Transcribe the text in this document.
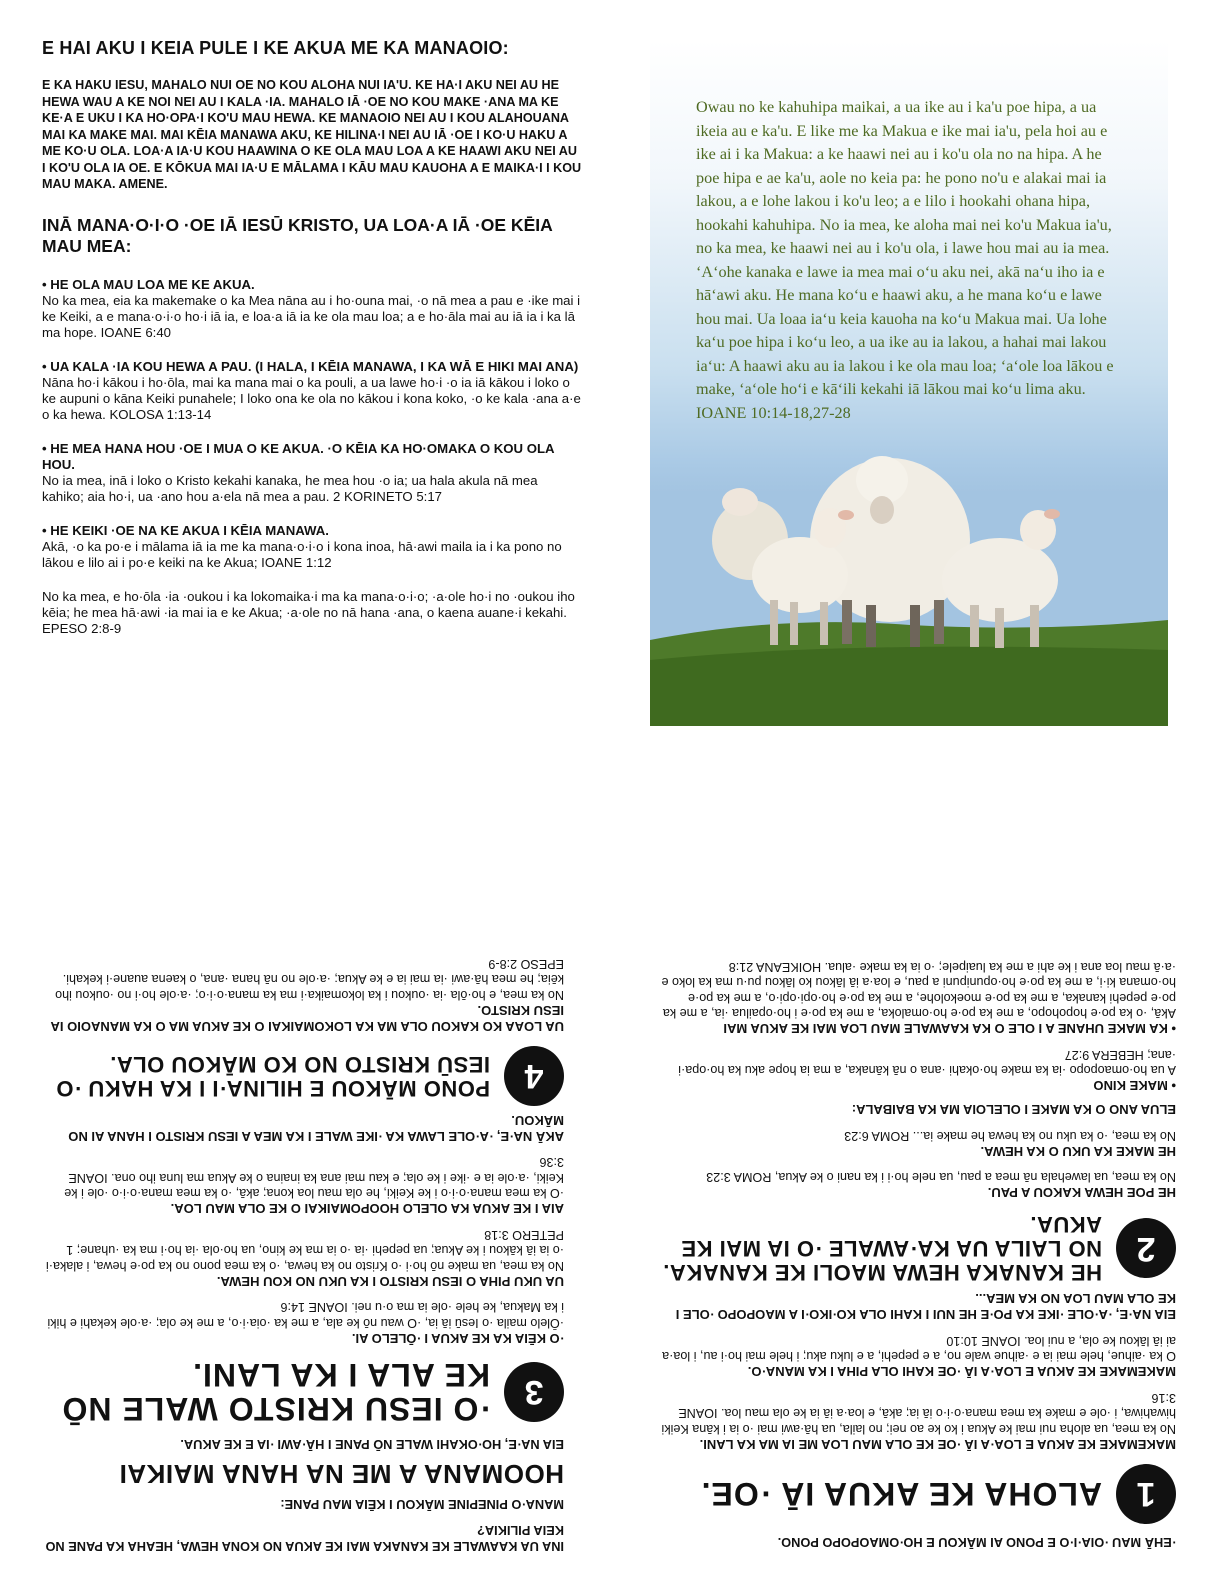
E HAI AKU I KEIA PULE I KE AKUA ME KA MANAOIO:
E KA HAKU IESU, MAHALO NUI OE NO KOU ALOHA NUI IA'U. KE HA·I AKU NEI AU HE HEWA WAU A KE NOI NEI AU I KALA ·IA. MAHALO IĀ ·OE NO KOU MAKE ·ANA MA KE KE·A E UKU I KA HO·OPA·I KO'U MAU HEWA. KE MANAOIO NEI AU I KOU ALAHOUANA MAI KA MAKE MAI. MAI KĒIA MANAWA AKU, KE HILINA·I NEI AU IĀ ·OE I KO·U HAKU A ME KO·U OLA. LOA·A IA·U KOU HAAWINA O KE OLA MAU LOA A KE HAAWI AKU NEI AU I KO'U OLA IA OE. E KŌKUA MAI IA·U E MĀLAMA I KĀU MAU KAUOHA A E MAIKA·I I KOU MAU MAKA. AMENE.
INĀ MANA·O·I·O ·OE IĀ IESŪ KRISTO, UA LOA·A IĀ ·OE KĒIA MAU MEA:

• HE OLA MAU LOA ME KE AKUA.

No ka mea, eia ka makemake o ka Mea nāna au i ho·ouna mai, ·o nā mea a pau e ·ike mai i ke Keiki, a e mana·o·i·o ho·i iā ia, e loa·a iā ia ke ola mau loa; a e ho·āla mai au iā ia i ka lā ma hope. IOANE 6:40

• UA KALA ·IA KOU HEWA A PAU. (I HALA, I KĒIA MANAWA, I KA WĀ E HIKI MAI ANA)

Nāna ho·i kākou i ho·ōla, mai ka mana mai o ka pouli, a ua lawe ho·i ·o ia iā kākou i loko o ke aupuni o kāna Keiki punahele; I loko ona ke ola no kākou i kona koko, ·o ke kala ·ana a·e o ka hewa. KOLOSA 1:13-14

• HE MEA HANA HOU ·OE I MUA O KE AKUA. ·O KĒIA KA HO·OMAKA O KOU OLA HOU.

No ia mea, inā i loko o Kristo kekahi kanaka, he mea hou ·o ia; ua hala akula nā mea kahiko; aia ho·i, ua ·ano hou a·ela nā mea a pau. 2 KORINETO 5:17

• HE KEIKI ·OE NA KE AKUA I KĒIA MANAWA.

Akā, ·o ka po·e i mālama iā ia me ka mana·o·i·o i kona inoa, hā·awi maila ia i ka pono no lākou e lilo ai i po·e keiki na ke Akua; IOANE 1:12

No ka mea, e ho·ōla ·ia ·oukou i ka lokomaika·i ma ka mana·o·i·o; ·a·ole ho·i no ·oukou iho kēia; he mea hā·awi ·ia mai ia e ke Akua; ·a·ole no nā hana ·ana, o kaena auane·i kekahi. EPESO 2:8-9

Owau no ke kahuhipa maikai, a ua ike au i ka'u poe hipa, a ua ikeia au e ka'u. E like me ka Makua e ike mai ia'u, pela hoi au e ike ai i ka Makua: a ke haawi nei au i ko'u ola no na hipa. A he poe hipa e ae ka'u, aole no keia pa: he pono no'u e alakai mai ia lakou, a e lohe lakou i ko'u leo; a e lilo i hookahi ohana hipa, hookahi kahuhipa. No ia mea, ke aloha mai nei ko'u Makua ia'u, no ka mea, ke haawi nei au i ko'u ola, i lawe hou mai au ia mea. ʻAʻohe kanaka e lawe ia mea mai oʻu aku nei, akā naʻu iho ia e hāʻawi aku. He mana koʻu e haawi aku, a he mana koʻu e lawe hou mai. Ua loaa iaʻu keia kauoha na koʻu Makua mai. Ua lohe kaʻu poe hipa i koʻu leo, a ua ike au ia lakou, a hahai mai lakou iaʻu: A haawi aku au ia lakou i ke ola mau loa; ʻaʻole loa lākou e make, ʻaʻole hoʻi e kāʻili kekahi iā lākou mai koʻu lima aku. IOANE 10:14-18,27-28
·EHĀ MAU ·OIA·I·O E PONO AI MĀKOU E HO·OMAOPOPO PONO.
1
ALOHA KE AKUA IĀ ·OE.
MAKEMAKE KE AKUA E LOA·A IĀ ·OE KE OLA MAU LOA ME IA MA KA LANI.
No ka mea, ua aloha nui mai ke Akua i ko ke ao nei; no laila, ua hā·awi mai ·o ia i kāna Keiki hiwahiwa, i ·ole e make ka mea mana·o·i·o iā ia; akā, e loa·a iā ia ke ola mau loa. IOANE 3:16
MAKEMAKE KE AKUA E LOA·A IĀ ·OE KAHI OLA PIHA I KA MANA·O.
O ka ·aihue, hele mai ia e ·aihue wale no, a e pepehi, a e luku aku; i hele mai ho·i au, i loa·a ai iā lākou ke ola, a nui loa. IOANE 10:10
EIA NA·E, ·A·OLE ·IKE KA PO·E HE NUI I KAHI OLA KO·IKO·I A MAOPOPO ·OLE I KE OLA MAU LOA NO KA MEA...
2
HE KANAKA HEWA MAOLI KE KANAKA. NO LAILA UA KA·AWALE ·O IA MAI KE AKUA.
HE POE HEWA KAKOU A PAU.
No ka mea, ua lawehala nā mea a pau, ua nele ho·i i ka nani o ke Akua, ROMA 3:23
HE MAKE KA UKU O KA HEWA.
No ka mea, ·o ka uku no ka hewa he make ia... ROMA 6:23
ELUA ANO O KA MAKE I OLELOIA MA KA BAIBALA:
• MAKE KINO
A ua ho·omaopopo ·ia ka make ho·okahi ·ana o nā kānaka, a ma ia hope aku ka ho·opa·i ·ana; HEBERA 9:27
• KA MAKE UHANE A I OLE O KA KAAWALE MAU LOA MAI KE AKUA MAI
Akā, ·o ka po·e hopohopo, a me ka po·e ho·omaloka, a me ka po·e i ho·opailua ·ia, a me ka po·e pepehi kanaka, a me ka po·e moekolohe, a me ka po·e ho·opi·opi·o, a me ka po·e ho·omana ki·i, a me ka po·e ho·opunipuni a pau, e loa·a iā lākou ko lākou pu·u ma ka loko e ·a·ā mau loa ana i ke ahi a me ka luaipele; ·o ia ka make ·alua. HOIKEANA 21:8
INA UA KAAWALE KE KANAKA MAI KE AKUA NO KONA HEWA, HEAHA KA PANE NO KEIA PILIKIA?
MANA·O PINEPINE MĀKOU I KĒIA MAU PANE:
HOOMANA A ME NA HANA MAIKAI
EIA NA·E, HO·OKAHI WALE NŌ PANE I HĀ·AWI ·IA E KE AKUA.
3
·O IESU KRISTO WALE NŌ KE ALA I KA LANI.
·O KĒIA KA KE AKUA I ·ŌLELO AI.
·Ōlelo maila ·o Iesū iā ia, ·O wau nō ke ala, a me ka ·oia·i·o, a me ke ola; ·a·ole kekahi e hiki i ka Makua, ke hele ·ole ia ma o·u nei. IOANE 14:6
UA UKU PIHA O IESU KRISTO I KA UKU NO KOU HEWA.
No ka mea, ua make nō ho·i ·o Kristo no ka hewa, ·o ka mea pono no ka po·e hewa, i alaka·i ·o ia iā kākou i ke Akua; ua pepehi ·ia ·o ia ma ke kino, ua ho·ola ·ia ho·i ma ka ·uhane; 1 PETERO 3:18
AIA I KE AKUA KA OLELO HOOPOMAIKAI O KE OLA MAU LOA.
·O ka mea mana·o·i·o i ke Keiki, he ola mau loa kona; akā, ·o ka mea mana·o·i·o ·ole i ke Keiki, ·a·ole ia e ·ike i ke ola; e kau mai ana ka inaina o ke Akua ma luna iho ona. IOANE 3:36
AKĀ NA·E, ·A·OLE LAWA KA ·IKE WALE I KA MEA A IESU KRISTO I HANA AI NO MĀKOU.
4
PONO MĀKOU E HILINA·I I KA HAKU ·O IESŪ KRISTO NO KO MĀKOU OLA.
UA LOAA KO KAKOU OLA MA KA LOKOMAIKAI O KE AKUA MA O KA MANAOIO IA IESU KRISTO.
No ka mea, e ho·ōla ·ia ·oukou i ka lokomaika·i ma ka mana·o·i·o; ·a·ole ho·i no ·oukou iho kēia; he mea hā·awi ·ia mai ia e ke Akua; ·a·ole no nā hana ·ana, o kaena auane·i kekahi. EPESO 2:8-9
